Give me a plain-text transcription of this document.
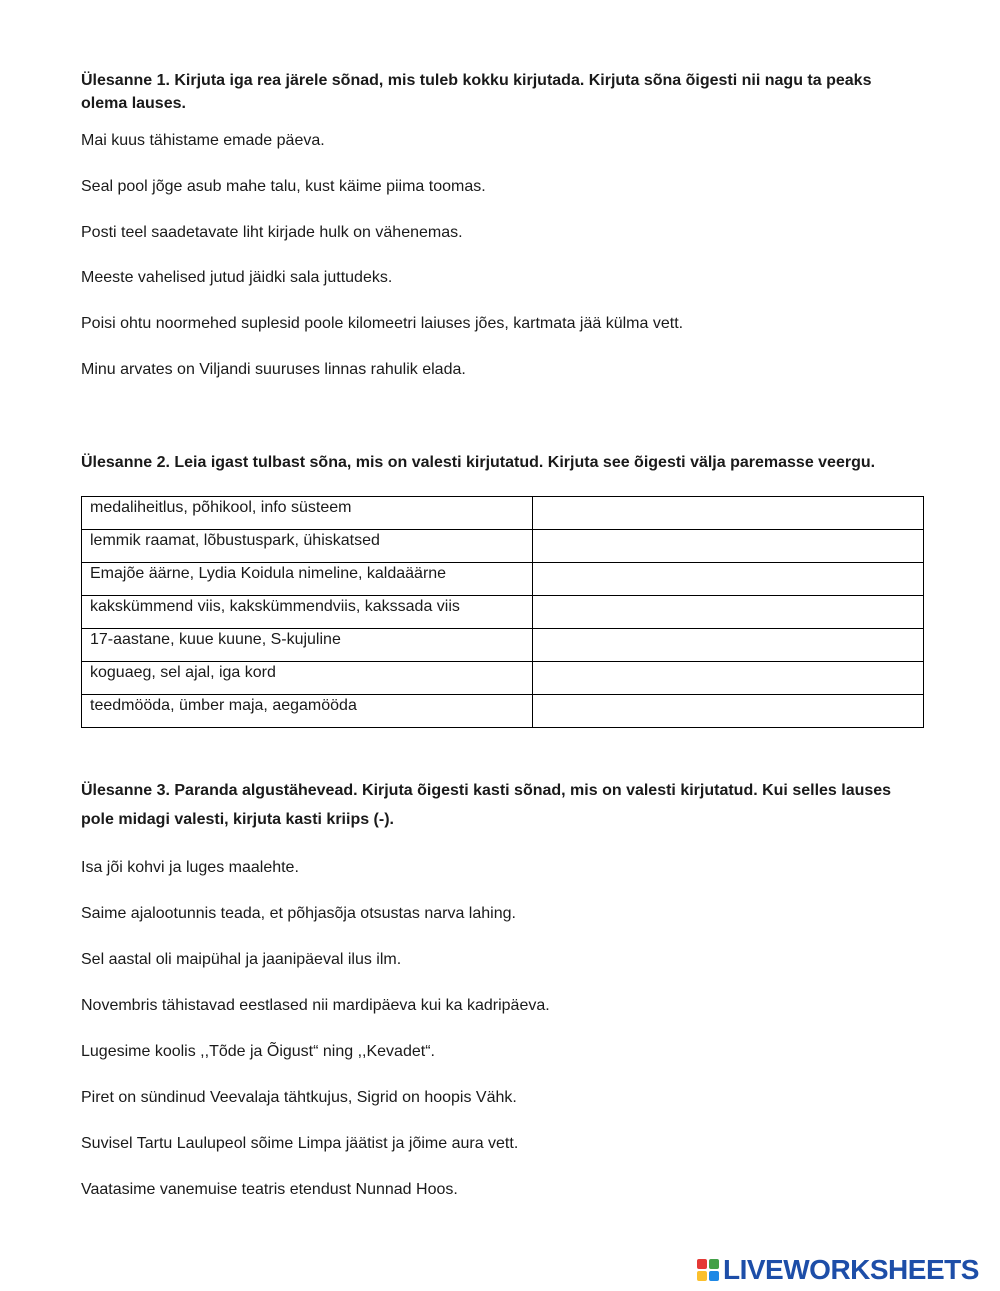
Ülesanne 1. Kirjuta iga rea järele sõnad, mis tuleb kokku kirjutada. Kirjuta sõna õigesti nii nagu ta peaks olema lauses.

Mai kuus tähistame emade päeva.
Seal pool jõge asub mahe talu, kust käime piima toomas.
Posti teel saadetavate liht kirjade hulk on vähenemas.
Meeste vahelised jutud jäidki sala juttudeks.
Poisi ohtu noormehed suplesid poole kilomeetri laiuses jões, kartmata jää külma vett.
Minu arvates on Viljandi suuruses linnas rahulik elada.

Ülesanne 2. Leia igast tulbast sõna, mis on valesti kirjutatud. Kirjuta see õigesti välja paremasse veergu.

medaliheitlus, põhikool, info süsteem	
lemmik raamat, lõbustuspark, ühiskatsed	
Emajõe äärne, Lydia Koidula nimeline, kaldaäärne	
kakskümmend viis, kakskümmendviis, kakssada viis	
17-aastane, kuue kuune, S-kujuline	
koguaeg, sel ajal, iga kord	
teedmööda, ümber maja, aegamööda	

Ülesanne 3. Paranda algustähevead. Kirjuta õigesti kasti sõnad, mis on valesti kirjutatud. Kui selles lauses pole midagi valesti, kirjuta kasti kriips (-).

Isa jõi kohvi ja luges maalehte.
Saime ajalootunnis teada, et põhjasõja otsustas narva lahing.
Sel aastal oli maipühal ja jaanipäeval ilus ilm.
Novembris tähistavad eestlased nii mardipäeva kui ka kadripäeva.
Lugesime koolis ,,Tõde ja Õigust“ ning ,,Kevadet“.
Piret on sündinud Veevalaja tähtkujus, Sigrid on hoopis Vähk.
Suvisel Tartu Laulupeol sõime Limpa jäätist ja jõime aura vett.
Vaatasime vanemuise teatris etendust Nunnad Hoos.
LIVEWORKSHEETS
